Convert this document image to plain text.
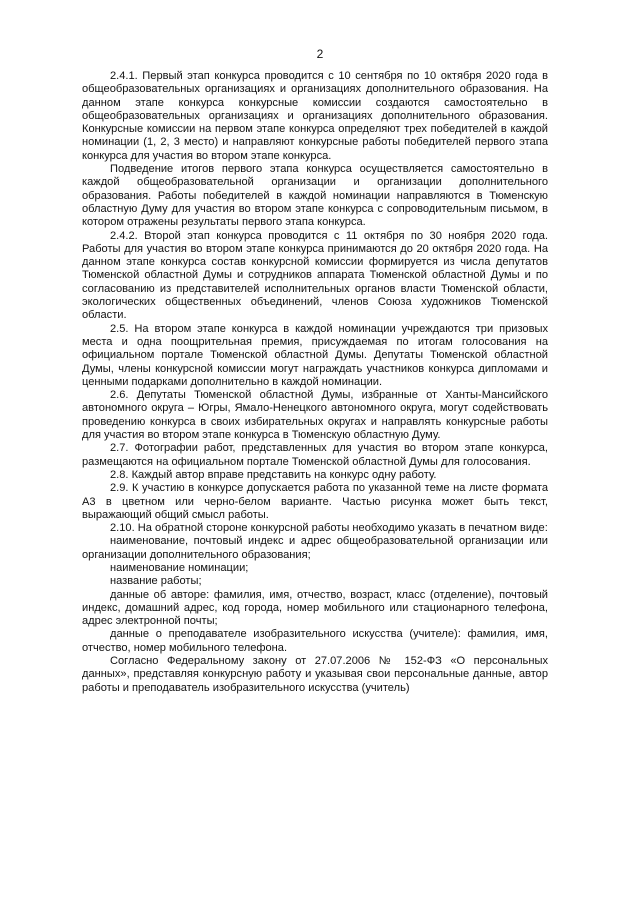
2

2.4.1. Первый этап конкурса проводится с 10 сентября по 10 октября 2020 года в общеобразовательных организациях и организациях дополнительного образования. На данном этапе конкурса конкурсные комиссии создаются самостоятельно в общеобразовательных организациях и организациях дополнительного образования. Конкурсные комиссии на первом этапе конкурса определяют трех победителей в каждой номинации (1, 2, 3 место) и направляют конкурсные работы победителей первого этапа конкурса для участия во втором этапе конкурса.

Подведение итогов первого этапа конкурса осуществляется самостоятельно в каждой общеобразовательной организации и организации дополнительного образования. Работы победителей в каждой номинации направляются в Тюменскую областную Думу для участия во втором этапе конкурса с сопроводительным письмом, в котором отражены результаты первого этапа конкурса.

2.4.2. Второй этап конкурса проводится с 11 октября по 30 ноября 2020 года. Работы для участия во втором этапе конкурса принимаются до 20 октября 2020 года. На данном этапе конкурса состав конкурсной комиссии формируется из числа депутатов Тюменской областной Думы и сотрудников аппарата Тюменской областной Думы и по согласованию из представителей исполнительных органов власти Тюменской области, экологических общественных объединений, членов Союза художников Тюменской области.

2.5. На втором этапе конкурса в каждой номинации учреждаются три призовых места и одна поощрительная премия, присуждаемая по итогам голосования на официальном портале Тюменской областной Думы. Депутаты Тюменской областной Думы, члены конкурсной комиссии могут награждать участников конкурса дипломами и ценными подарками дополнительно в каждой номинации.

2.6. Депутаты Тюменской областной Думы, избранные от Ханты-Мансийского автономного округа – Югры, Ямало-Ненецкого автономного округа, могут содействовать проведению конкурса в своих избирательных округах и направлять конкурсные работы для участия во втором этапе конкурса в Тюменскую областную Думу.

2.7. Фотографии работ, представленных для участия во втором этапе конкурса, размещаются на официальном портале Тюменской областной Думы для голосования.

2.8. Каждый автор вправе представить на конкурс одну работу.

2.9. К участию в конкурсе допускается работа по указанной теме на листе формата А3 в цветном или черно-белом варианте. Частью рисунка может быть текст, выражающий общий смысл работы.

2.10. На обратной стороне конкурсной работы необходимо указать в печатном виде:

наименование, почтовый индекс и адрес общеобразовательной организации или организации дополнительного образования;

наименование номинации;

название работы;

данные об авторе: фамилия, имя, отчество, возраст, класс (отделение), почтовый индекс, домашний адрес, код города, номер мобильного или стационарного телефона, адрес электронной почты;

данные о преподавателе изобразительного искусства (учителе): фамилия, имя, отчество, номер мобильного телефона.

Согласно Федеральному закону от 27.07.2006 № 152-ФЗ «О персональных данных», представляя конкурсную работу и указывая свои персональные данные, автор работы и преподаватель изобразительного искусства (учитель)
